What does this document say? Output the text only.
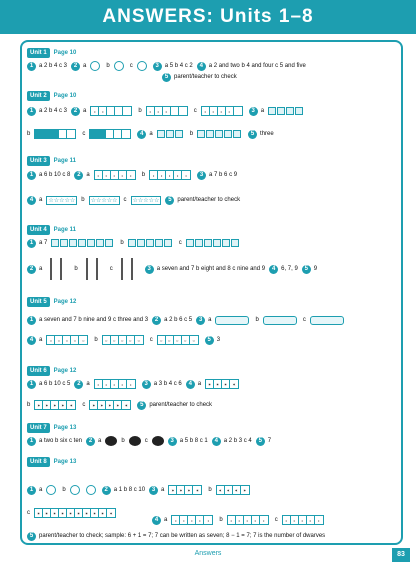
ANSWERS: Units 1–8
Unit 1	Page 10
1 a 2 b 4 c 3	2 a	b	c	3 a 5 b 4 c 2	4 a 2 and two b 4 and four c 5 and five
5 parent/teacher to check
Unit 2	Page 10
1 a 2 b 4 c 3	2 a	•	•	b	•	•	•	c	•	•	•	•	3 a
b	c	4 a	b	5 three
Unit 3	Page 11
1 a 6 b 10 c 8	2 a	•	•	•	•	•	b	•	•	•	•	•	3 a 7 b 6 c 9
4 a	☆☆☆☆☆	b	☆☆☆☆☆	c	☆☆☆☆☆	5 parent/teacher to check
Unit 4	Page 11
1 a 7	b	c
2 a	b	c	3 a seven and 7 b eight and 8 c nine and 9	4 6, 7, 9	5 9
Unit 5	Page 12
1 a seven and 7 b nine and 9 c three and 3	2 a 2 b 6 c 5	3 a	b	c
4 a	○	○	○	○	○	b	○	○	○	○	○	c	○	○	○	○	○	5 3
Unit 6	Page 12
1 a 6 b 10 c 5	2 a	•	•	•	•	•	3 a 3 b 4 c 6	4 a	✶	✶	✶	✶
b	✶	✶	✶	✶	✶	c	✶	✶	✶	✶	✶	5 parent/teacher to check
Unit 7	Page 13
1 a two b six c ten	2 a	b	c	3 a 5 b 8 c 1	4 a 2 b 3 c 4	5 7
Unit 8	Page 13
1 a	b	2 a 1 b 8 c 10	3 a	✶	✶	✶	✶	b	✶	✶	✶	✶
c	✶	✶	✶	✶	✶	✶	✶	✶	✶	✶
4 a	•	•	•	•	•	b	•	•	•	•	•	c	•	•	•	•	•
5 parent/teacher to check; sample: 6 + 1 = 7; 7 can be written as seven; 8 − 1 = 7; 7 is the number of dwarves
Answers	83
